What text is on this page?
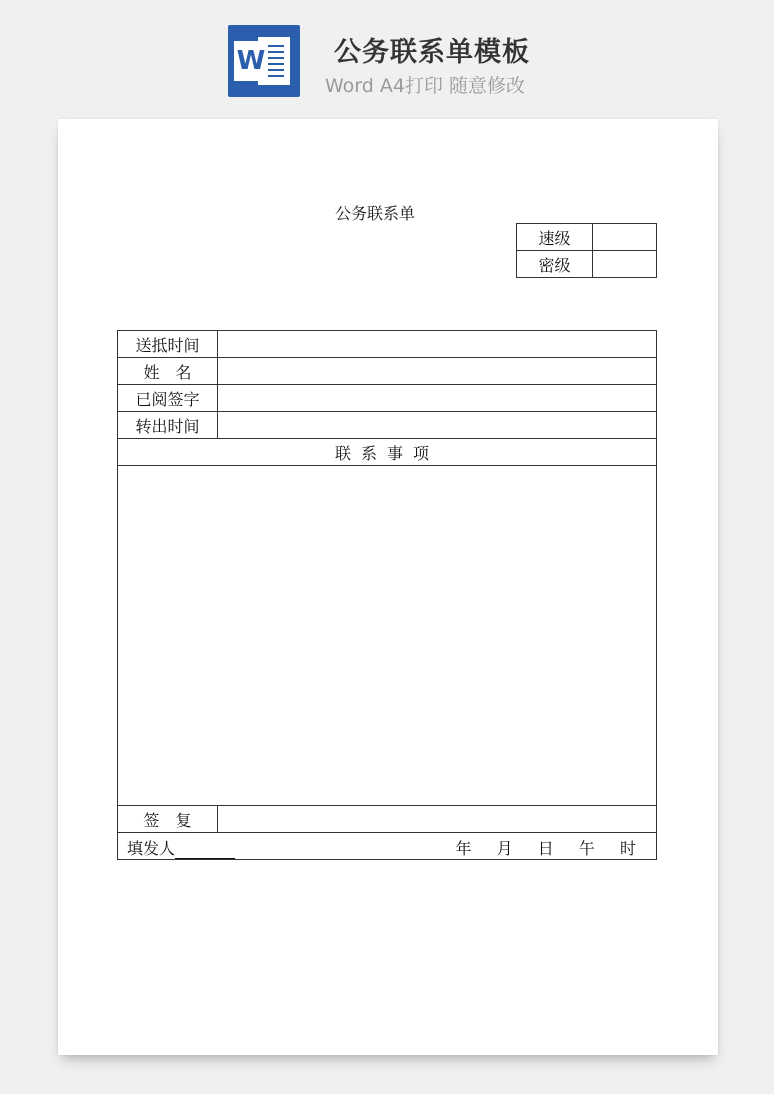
W	公务联系单模板
Word A4打印 随意修改
公务联系单
速级	
密级	
送抵时间	
姓　名	
已阅签字	
转出时间	
联系事项	

签　复	

填发人 年 月 日 午 时	
